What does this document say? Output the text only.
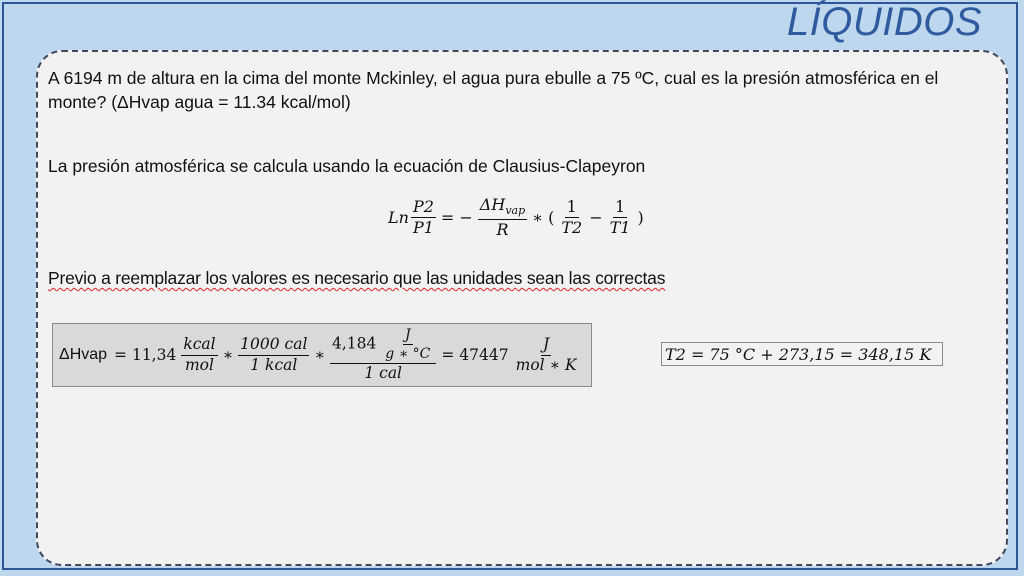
LÍQUIDOS
A 6194 m de altura en la cima del monte Mckinley, el agua pura ebulle a 75 ºC, cual es la presión atmosférica en el monte? (ΔHvap agua = 11.34 kcal/mol)
La presión atmosférica se calcula usando la ecuación de Clausius-Clapeyron
Ln $\frac{P2}{P1}$ = − $\frac{\Delta H_{vap}}{R}$ ∗ ( $\frac{1}{T2} - \frac{1}{T1}$ )
Previo a reemplazar los valores es necesario que las unidades sean las correctas
ΔHvap = $11,34 \frac{\text{kcal}}{\text{mol}}$ ∗ $\frac{\text{1000 cal}}{\text{1 kcal}}$ ∗ $\frac{4,184 \frac{J}{g ∗ ^\circ C}}{\text{1 cal}} = 47447 \frac{J}{\text{mol ∗ K}}$	T2 = 75 °C + 273,15 = 348,15 K
